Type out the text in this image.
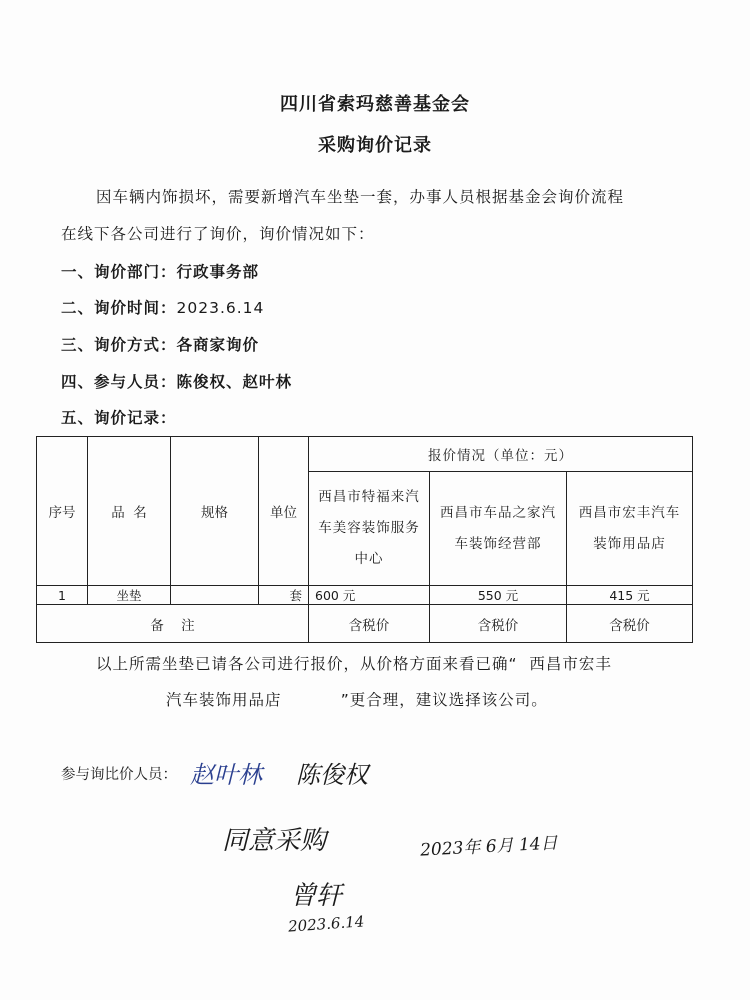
四川省索玛慈善基金会
采购询价记录
因车辆内饰损坏，需要新增汽车坐垫一套，办事人员根据基金会询价流程
在线下各公司进行了询价，询价情况如下：
一、询价部门：行政事务部
二、询价时间：2023.6.14
三、询价方式：各商家询价
四、参与人员：陈俊权、赵叶林
五、询价记录：
序号	品  名	规格	单位	报价情况（单位：元）		

				西昌市特福来汽车美容装饰服务中心	西昌市车品之家汽车装饰经营部	西昌市宏丰汽车装饰用品店

1	坐垫		套	600 元	550 元	415 元
备    注				含税价	含税价	含税价
以上所需坐垫已请各公司进行报价，从价格方面来看已确“  西昌市宏丰
汽车装饰用品店          ”更合理，建议选择该公司。
参与询比价人员： 赵叶林 陈俊权
同意采购	2023年 6月 14日
曾轩
2023.6.14
